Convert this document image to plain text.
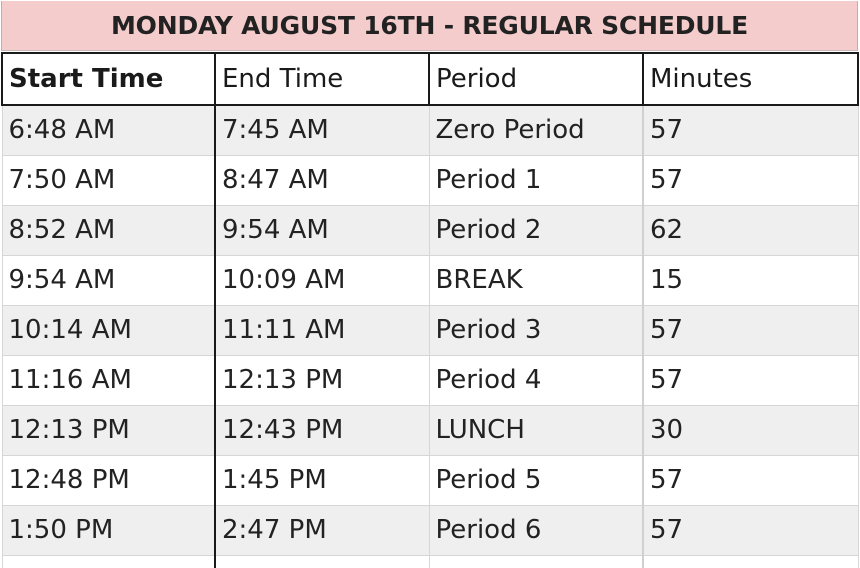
MONDAY AUGUST 16TH - REGULAR SCHEDULE
Start Time	End Time	Period	Minutes
6:48 AM	7:45 AM	Zero Period	57
7:50 AM	8:47 AM	Period 1	57
8:52 AM	9:54 AM	Period 2	62
9:54 AM	10:09 AM	BREAK	15
10:14 AM	11:11 AM	Period 3	57
11:16 AM	12:13 PM	Period 4	57
12:13 PM	12:43 PM	LUNCH	30
12:48 PM	1:45 PM	Period 5	57
1:50 PM	2:47 PM	Period 6	57
